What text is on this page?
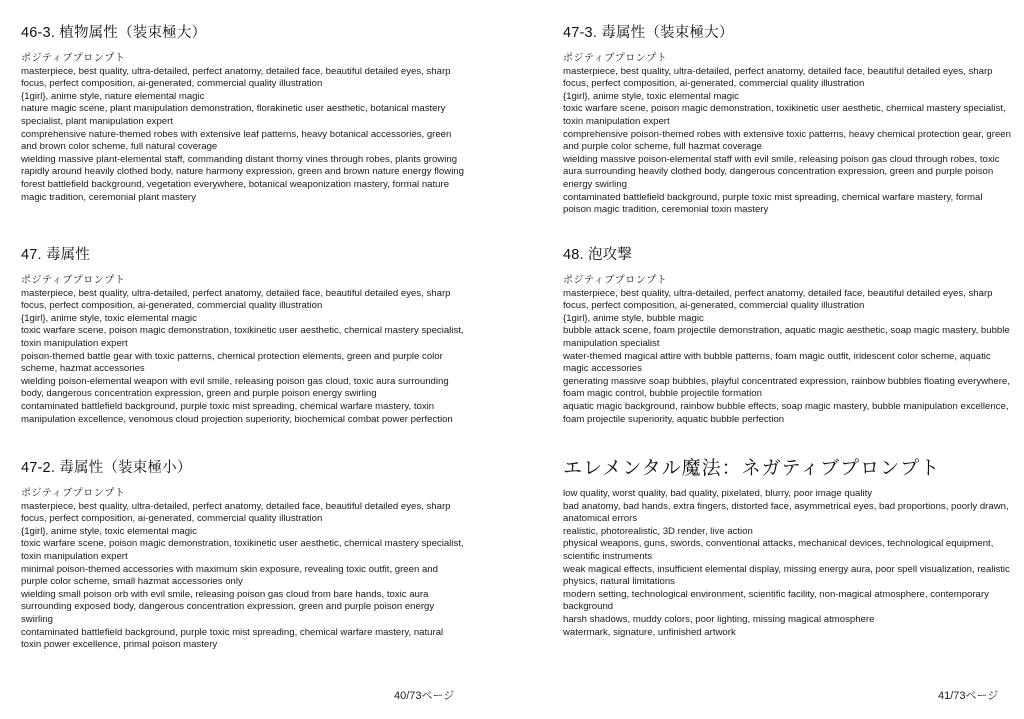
46-3. 植物属性（装束極大）
ポジティブプロンプト
masterpiece, best quality, ultra-detailed, perfect anatomy, detailed face, beautiful detailed eyes, sharp focus, perfect composition, ai-generated, commercial quality illustration
{1girl}, anime style, nature elemental magic
nature magic scene, plant manipulation demonstration, florakinetic user aesthetic, botanical mastery specialist, plant manipulation expert
comprehensive nature-themed robes with extensive leaf patterns, heavy botanical accessories, green and brown color scheme, full natural coverage
wielding massive plant-elemental staff, commanding distant thorny vines through robes, plants growing rapidly around heavily clothed body, nature harmony expression, green and brown nature energy flowing
forest battlefield background, vegetation everywhere, botanical weaponization mastery, formal nature magic tradition, ceremonial plant mastery
47. 毒属性
ポジティブプロンプト
masterpiece, best quality, ultra-detailed, perfect anatomy, detailed face, beautiful detailed eyes, sharp focus, perfect composition, ai-generated, commercial quality illustration
{1girl}, anime style, toxic elemental magic
toxic warfare scene, poison magic demonstration, toxikinetic user aesthetic, chemical mastery specialist, toxin manipulation expert
poison-themed battle gear with toxic patterns, chemical protection elements, green and purple color scheme, hazmat accessories
wielding poison-elemental weapon with evil smile, releasing poison gas cloud, toxic aura surrounding body, dangerous concentration expression, green and purple poison energy swirling
contaminated battlefield background, purple toxic mist spreading, chemical warfare mastery, toxin manipulation excellence, venomous cloud projection superiority, biochemical combat power perfection
47-2. 毒属性（装束極小）
ポジティブプロンプト
masterpiece, best quality, ultra-detailed, perfect anatomy, detailed face, beautiful detailed eyes, sharp focus, perfect composition, ai-generated, commercial quality illustration
{1girl}, anime style, toxic elemental magic
toxic warfare scene, poison magic demonstration, toxikinetic user aesthetic, chemical mastery specialist, toxin manipulation expert
minimal poison-themed accessories with maximum skin exposure, revealing toxic outfit, green and purple color scheme, small hazmat accessories only
wielding small poison orb with evil smile, releasing poison gas cloud from bare hands, toxic aura surrounding exposed body, dangerous concentration expression, green and purple poison energy swirling
contaminated battlefield background, purple toxic mist spreading, chemical warfare mastery, natural toxin power excellence, primal poison mastery
40/73ページ
47-3. 毒属性（装束極大）
ポジティブプロンプト
masterpiece, best quality, ultra-detailed, perfect anatomy, detailed face, beautiful detailed eyes, sharp focus, perfect composition, ai-generated, commercial quality illustration
{1girl}, anime style, toxic elemental magic
toxic warfare scene, poison magic demonstration, toxikinetic user aesthetic, chemical mastery specialist, toxin manipulation expert
comprehensive poison-themed robes with extensive toxic patterns, heavy chemical protection gear, green and purple color scheme, full hazmat coverage
wielding massive poison-elemental staff with evil smile, releasing poison gas cloud through robes, toxic aura surrounding heavily clothed body, dangerous concentration expression, green and purple poison energy swirling
contaminated battlefield background, purple toxic mist spreading, chemical warfare mastery, formal poison magic tradition, ceremonial toxin mastery
48. 泡攻撃
ポジティブプロンプト
masterpiece, best quality, ultra-detailed, perfect anatomy, detailed face, beautiful detailed eyes, sharp focus, perfect composition, ai-generated, commercial quality illustration
{1girl}, anime style, bubble magic
bubble attack scene, foam projectile demonstration, aquatic magic aesthetic, soap magic mastery, bubble manipulation specialist
water-themed magical attire with bubble patterns, foam magic outfit, iridescent color scheme, aquatic magic accessories
generating massive soap bubbles, playful concentrated expression, rainbow bubbles floating everywhere, foam magic control, bubble projectile formation
aquatic magic background, rainbow bubble effects, soap magic mastery, bubble manipulation excellence, foam projectile superiority, aquatic bubble perfection
エレメンタル魔法：ネガティブプロンプト
low quality, worst quality, bad quality, pixelated, blurry, poor image quality
bad anatomy, bad hands, extra fingers, distorted face, asymmetrical eyes, bad proportions, poorly drawn, anatomical errors
realistic, photorealistic, 3D render, live action
physical weapons, guns, swords, conventional attacks, mechanical devices, technological equipment, scientific instruments
weak magical effects, insufficient elemental display, missing energy aura, poor spell visualization, realistic physics, natural limitations
modern setting, technological environment, scientific facility, non-magical atmosphere, contemporary background
harsh shadows, muddy colors, poor lighting, missing magical atmosphere
watermark, signature, unfinished artwork
41/73ページ
